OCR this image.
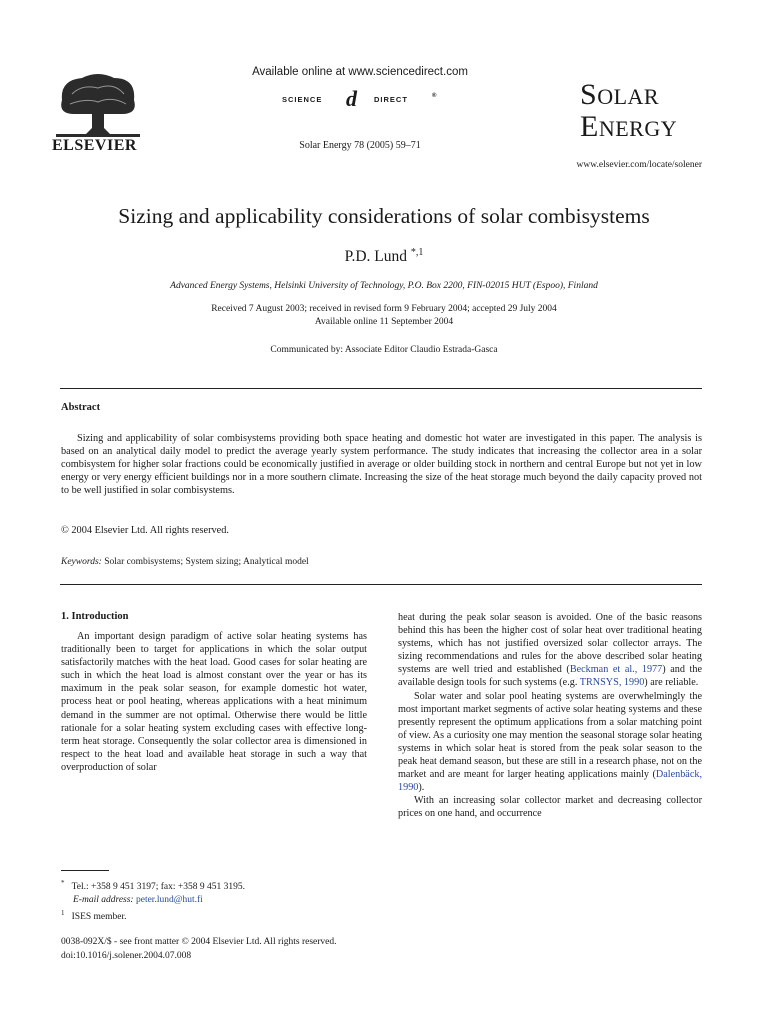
ELSEVIER
Available online at www.sciencedirect.com
SCIENCE d DIRECT	®
Solar Energy 78 (2005) 59–71
SOLAR
ENERGY
www.elsevier.com/locate/solener
Sizing and applicability considerations of solar combisystems
P.D. Lund $^{*,1}$
Advanced Energy Systems, Helsinki University of Technology, P.O. Box 2200, FIN-02015 HUT (Espoo), Finland
Received 7 August 2003; received in revised form 9 February 2004; accepted 29 July 2004
Available online 11 September 2004
Communicated by: Associate Editor Claudio Estrada-Gasca
Abstract
Sizing and applicability of solar combisystems providing both space heating and domestic hot water are investigated in this paper. The analysis is based on an analytical daily model to predict the average yearly system performance. The study indicates that increasing the collector area in a solar combisystem for higher solar fractions could be economically justified in average or older building stock in northern and central Europe but not yet in low energy or very energy efficient buildings nor in a more southern climate. Increasing the size of the heat storage much beyond the daily capacity proved not to be well justified in solar combisystems.
© 2004 Elsevier Ltd. All rights reserved.
Keywords: Solar combisystems; System sizing; Analytical model
1. Introduction

An important design paradigm of active solar heating systems has traditionally been to target for applications in which the solar output satisfactorily matches with the heat load. Good cases for solar heating are such in which the heat load is almost constant over the year or has its maximum in the peak solar season, for example domestic hot water, process heat or pool heating, whereas applications with a heat minimum demand in the summer are not optimal. Otherwise there would be little rationale for a solar heating system excluding cases with effective long-term heat storage. Consequently the solar collector area is dimensioned in respect to the heat load and available heat storage in such a way that overproduction of solar

heat during the peak solar season is avoided. One of the basic reasons behind this has been the higher cost of solar heat over traditional heating systems, which has not justified oversized solar collector arrays. The sizing recommendations and rules for the above described solar heating systems are well tried and established (Beckman et al., 1977) and the available design tools for such systems (e.g. TRNSYS, 1990) are reliable.

Solar water and solar pool heating systems are overwhelmingly the most important market segments of active solar heating systems and these presently represent the optimum applications from a solar matching point of view. As a curiosity one may mention the seasonal storage solar heating systems in which solar heat is stored from the peak solar season to the peak heat demand season, but these are still in a research phase, not on the market and are meant for larger heating applications mainly (Dalenbäck, 1990).

With an increasing solar collector market and decreasing collector prices on one hand, and occurrence

* Tel.: +358 9 451 3197; fax: +358 9 451 3195.
E-mail address: peter.lund@hut.fi
$^1$ ISES member.
0038-092X/$ - see front matter © 2004 Elsevier Ltd. All rights reserved.
doi:10.1016/j.solener.2004.07.008
